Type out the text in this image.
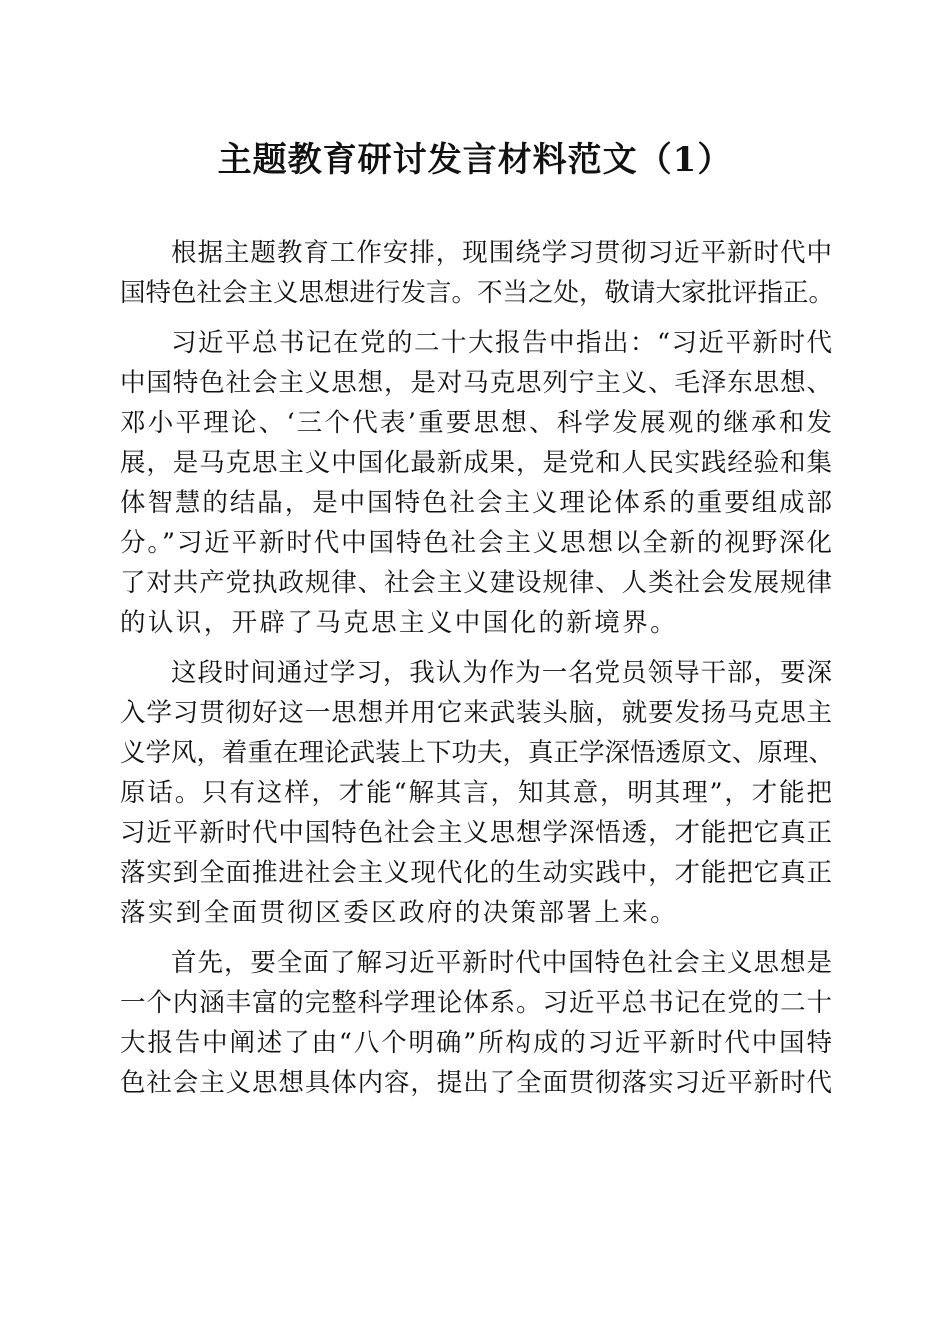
主题教育研讨发言材料范文（1）
根据主题教育工作安排，现围绕学习贯彻习近平新时代中
国特色社会主义思想进行发言。不当之处，敬请大家批评指正。
习近平总书记在党的二十大报告中指出：“习近平新时代
中国特色社会主义思想，是对马克思列宁主义、毛泽东思想、
邓小平理论、‘三个代表’重要思想、科学发展观的继承和发
展，是马克思主义中国化最新成果，是党和人民实践经验和集
体智慧的结晶，是中国特色社会主义理论体系的重要组成部
分。”习近平新时代中国特色社会主义思想以全新的视野深化
了对共产党执政规律、社会主义建设规律、人类社会发展规律
的认识，开辟了马克思主义中国化的新境界。
这段时间通过学习，我认为作为一名党员领导干部，要深
入学习贯彻好这一思想并用它来武装头脑，就要发扬马克思主
义学风，着重在理论武装上下功夫，真正学深悟透原文、原理、
原话。只有这样，才能“解其言，知其意，明其理”，才能把
习近平新时代中国特色社会主义思想学深悟透，才能把它真正
落实到全面推进社会主义现代化的生动实践中，才能把它真正
落实到全面贯彻区委区政府的决策部署上来。
首先，要全面了解习近平新时代中国特色社会主义思想是
一个内涵丰富的完整科学理论体系。习近平总书记在党的二十
大报告中阐述了由“八个明确”所构成的习近平新时代中国特
色社会主义思想具体内容，提出了全面贯彻落实习近平新时代
